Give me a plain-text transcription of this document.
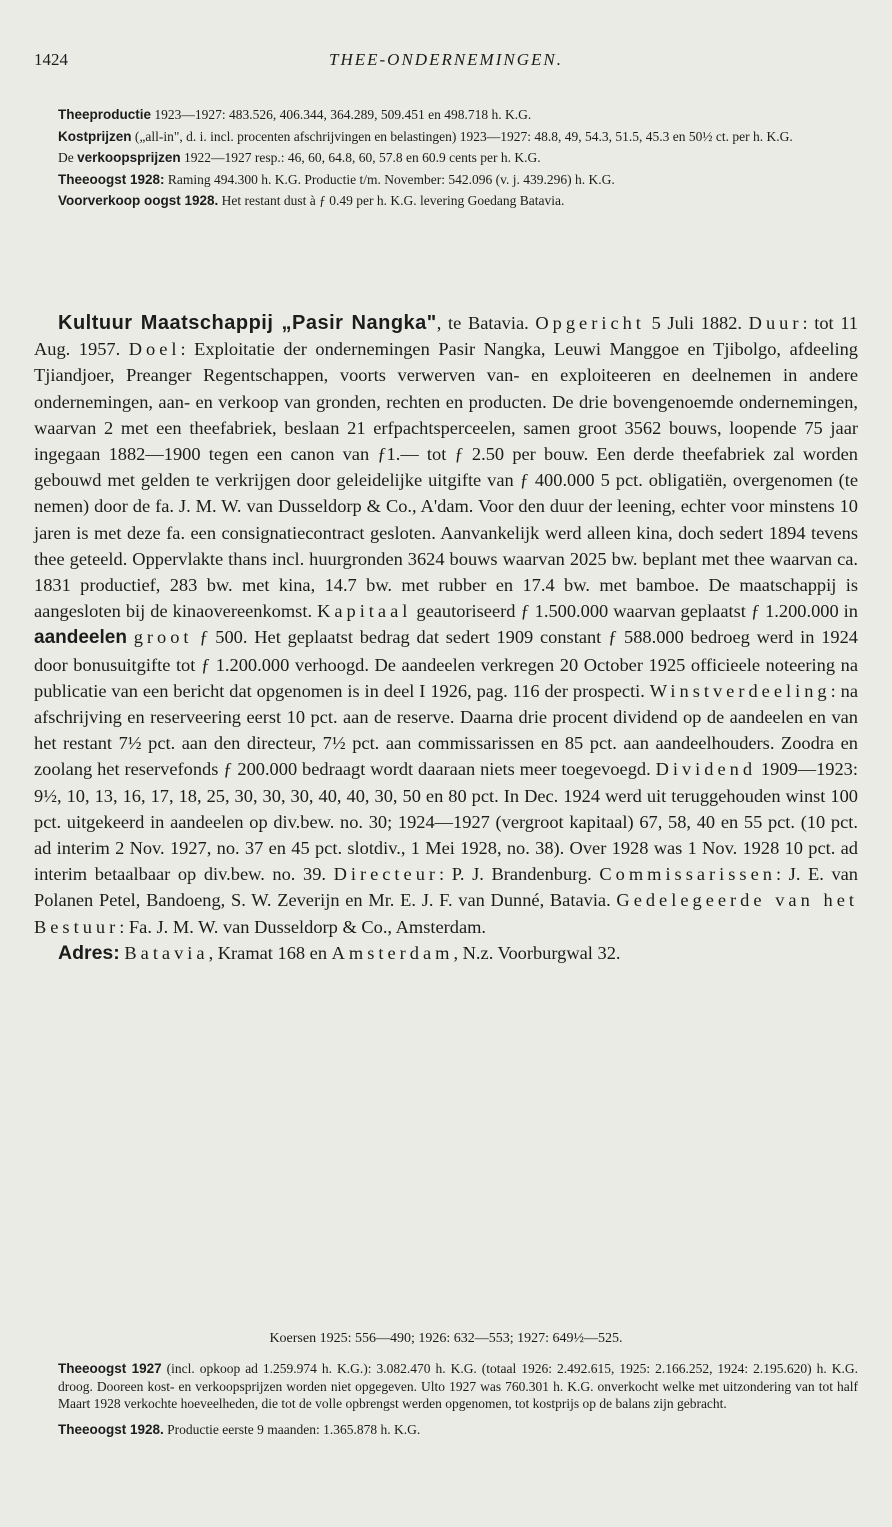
1424	THEE-ONDERNEMINGEN.

Theeproductie 1923—1927: 483.526, 406.344, 364.289, 509.451 en 498.718 h. K.G.

Kostprijzen („all-in", d. i. incl. procenten afschrijvingen en belastingen) 1923—1927: 48.8, 49, 54.3, 51.5, 45.3 en 50½ ct. per h. K.G.

De verkoopsprijzen 1922—1927 resp.: 46, 60, 64.8, 60, 57.8 en 60.9 cents per h. K.G.

Theeoogst 1928: Raming 494.300 h. K.G. Productie t/m. November: 542.096 (v. j. 439.296) h. K.G.

Voorverkoop oogst 1928. Het restant dust à ƒ 0.49 per h. K.G. levering Goedang Batavia.

Kultuur Maatschappij „Pasir Nangka", te Batavia. Opgericht 5 Juli 1882. Duur: tot 11 Aug. 1957. Doel: Exploitatie der ondernemingen Pasir Nangka, Leuwi Manggoe en Tjibolgo, afdeeling Tjiandjoer, Preanger Regentschappen, voorts verwerven van- en exploiteeren en deelnemen in andere ondernemingen, aan- en verkoop van gronden, rechten en producten. De drie bovengenoemde ondernemingen, waarvan 2 met een theefabriek, beslaan 21 erfpachtsperceelen, samen groot 3562 bouws, loopende 75 jaar ingegaan 1882—1900 tegen een canon van ƒ1.— tot ƒ 2.50 per bouw. Een derde theefabriek zal worden gebouwd met gelden te verkrijgen door geleidelijke uitgifte van ƒ 400.000 5 pct. obligatiën, overgenomen (te nemen) door de fa. J. M. W. van Dusseldorp & Co., A'dam. Voor den duur der leening, echter voor minstens 10 jaren is met deze fa. een consignatiecontract gesloten. Aanvankelijk werd alleen kina, doch sedert 1894 tevens thee geteeld. Oppervlakte thans incl. huurgronden 3624 bouws waarvan 2025 bw. beplant met thee waarvan ca. 1831 productief, 283 bw. met kina, 14.7 bw. met rubber en 17.4 bw. met bamboe. De maatschappij is aangesloten bij de kinaovereenkomst. Kapitaal geautoriseerd ƒ 1.500.000 waarvan geplaatst ƒ 1.200.000 in aandeelen groot ƒ 500. Het geplaatst bedrag dat sedert 1909 constant ƒ 588.000 bedroeg werd in 1924 door bonusuitgifte tot ƒ 1.200.000 verhoogd. De aandeelen verkregen 20 October 1925 officieele noteering na publicatie van een bericht dat opgenomen is in deel I 1926, pag. 116 der prospecti. Winstverdeeling: na afschrijving en reserveering eerst 10 pct. aan de reserve. Daarna drie procent dividend op de aandeelen en van het restant 7½ pct. aan den directeur, 7½ pct. aan commissarissen en 85 pct. aan aandeelhouders. Zoodra en zoolang het reservefonds ƒ 200.000 bedraagt wordt daaraan niets meer toegevoegd. Dividend 1909—1923: 9½, 10, 13, 16, 17, 18, 25, 30, 30, 30, 40, 40, 30, 50 en 80 pct. In Dec. 1924 werd uit teruggehouden winst 100 pct. uitgekeerd in aandeelen op div.bew. no. 30; 1924—1927 (vergroot kapitaal) 67, 58, 40 en 55 pct. (10 pct. ad interim 2 Nov. 1927, no. 37 en 45 pct. slotdiv., 1 Mei 1928, no. 38). Over 1928 was 1 Nov. 1928 10 pct. ad interim betaalbaar op div.bew. no. 39. Directeur: P. J. Brandenburg. Commissarissen: J. E. van Polanen Petel, Bandoeng, S. W. Zeverijn en Mr. E. J. F. van Dunné, Batavia. Gedelegeerde van het Bestuur: Fa. J. M. W. van Dusseldorp & Co., Amsterdam.

Adres: Batavia, Kramat 168 en Amsterdam, N.z. Voorburgwal 32.

Koersen 1925: 556—490; 1926: 632—553; 1927: 649½—525.

Theeoogst 1927 (incl. opkoop ad 1.259.974 h. K.G.): 3.082.470 h. K.G. (totaal 1926: 2.492.615, 1925: 2.166.252, 1924: 2.195.620) h. K.G. droog. Dooreen kost- en verkoopsprijzen worden niet opgegeven. Ulto 1927 was 760.301 h. K.G. onverkocht welke met uitzondering van tot half Maart 1928 verkochte hoeveelheden, die tot de volle opbrengst werden opgenomen, tot kostprijs op de balans zijn gebracht.

Theeoogst 1928. Productie eerste 9 maanden: 1.365.878 h. K.G.
